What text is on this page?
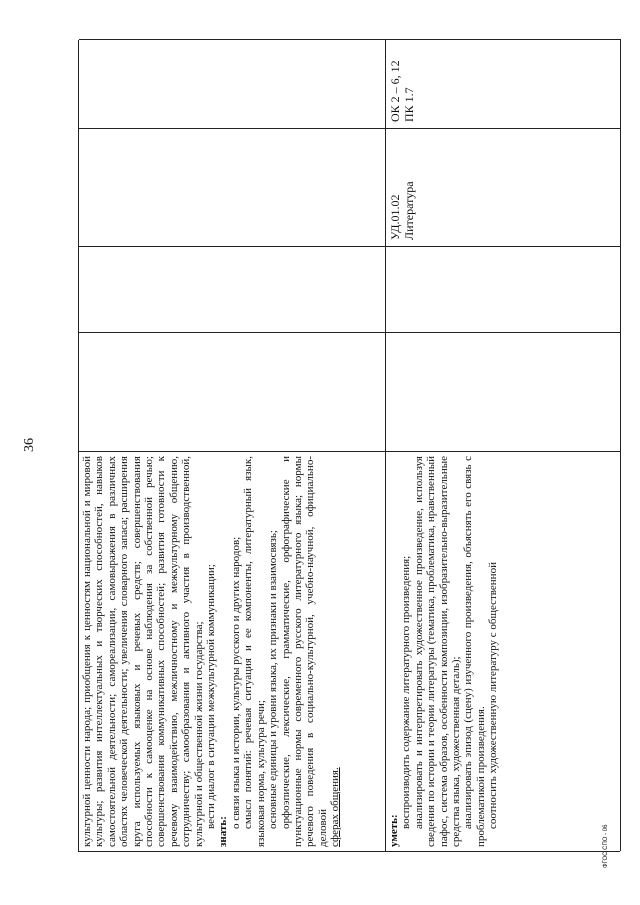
36
ФГОС СПО - 06

культурной ценности народа; приобщения к ценностям национальной и мировой культуры; развития интеллектуальных и творческих способностей, навыков самостоятельной деятельности; самореализации, самовыражения в различных областях человеческой деятельности; увеличения словарного запаса; расширения круга используемых языковых и речевых средств; совершенствования способности к самооценке на основе наблюдения за собственной речью; совершенствования коммуникативных способностей; развития готовности к речевому взаимодействию, межличностному и межкультурному общению, сотрудничеству; самообразования и активного участия в производственной, культурной и общественной жизни государства; вести диалог в ситуации межкультурной коммуникации;

знать:

о связи языка и истории, культуры русского и других народов; смысл понятий: речевая ситуация и ее компоненты, литературный язык, языковая норма, культура речи; основные единицы и уровни языка, их признаки и взаимосвязь; орфоэпические, лексические, грамматические, орфографические и пунктуационные нормы современного русского литературного языка; нормы речевого поведения в социально-культурной, учебно-научной, официально-деловой сферах общения.	уметь:

воспроизводить содержание литературного произведения; анализировать и интерпретировать художественное произведение, используя сведения по истории и теории литературы (тематика, проблематика, нравственный пафос, система образов, особенности композиции, изобразительно-выразительные средства языка, художественная деталь); анализировать эпизод (сцену) изученного произведения, объяснять его связь с проблематикой произведения. соотносить художественную литературу с общественной

УД.01.02 Литература
ОК 2 – 6, 12 ПК 1.7
